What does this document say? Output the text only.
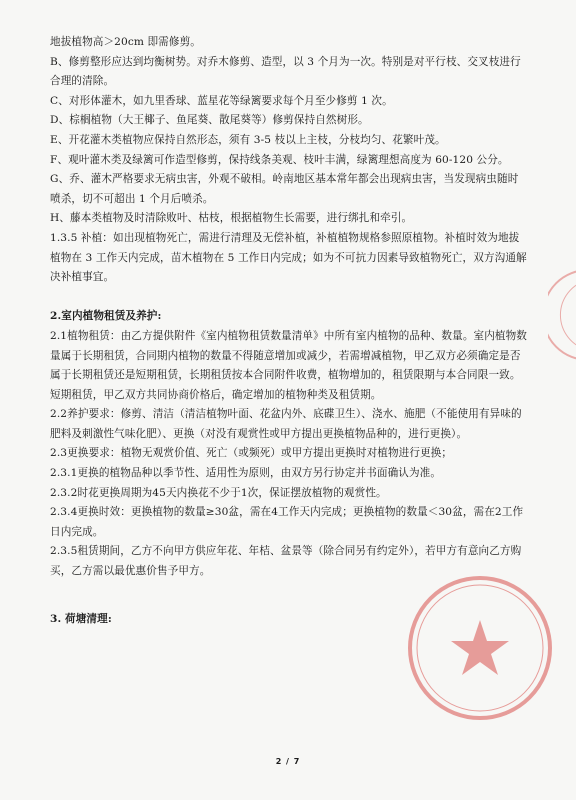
地拔植物高＞20cm 即需修剪。

B、修剪整形应达到均衡树势。对乔木修剪、造型，以 3 个月为一次。特别是对平行枝、交叉枝进行合理的清除。

C、对形体灌木，如九里香球、蓝星花等绿篱要求每个月至少修剪 1 次。

D、棕榈植物（大王椰子、鱼尾葵、散尾葵等）修剪保持自然树形。

E、开花灌木类植物应保持自然形态，须有 3-5 枝以上主枝，分枝均匀、花繁叶茂。

F、观叶灌木类及绿篱可作造型修剪，保持线条美观、枝叶丰满，绿篱理想高度为 60-120 公分。

G、乔、灌木严格要求无病虫害，外观不破相。岭南地区基本常年都会出现病虫害，当发现病虫随时喷杀，切不可超出 1 个月后喷杀。

H、藤本类植物及时清除败叶、枯枝，根据植物生长需要，进行绑扎和牵引。

1.3.5 补植：如出现植物死亡，需进行清理及无偿补植，补植植物规格参照原植物。补植时效为地拔植物在 3 工作天内完成，苗木植物在 5 工作日内完成；如为不可抗力因素导致植物死亡，双方沟通解决补植事宜。

2.室内植物租赁及养护:

2.1植物租赁：由乙方提供附件《室内植物租赁数量清单》中所有室内植物的品种、数量。室内植物数量属于长期租赁，合同期内植物的数量不得随意增加或减少，若需增减植物，甲乙双方必须确定是否属于长期租赁还是短期租赁，长期租赁按本合同附件收费，植物增加的，租赁限期与本合同限一致。短期租赁，甲乙双方共同协商价格后，确定增加的植物种类及租赁期。

2.2养护要求：修剪、清洁（清洁植物叶面、花盆内外、底碟卫生）、浇水、施肥（不能使用有异味的肥料及刺激性气味化肥）、更换（对没有观赏性或甲方提出更换植物品种的，进行更换）。

2.3更换要求：植物无观赏价值、死亡（或频死）或甲方提出更换时对植物进行更换；

2.3.1更换的植物品种以季节性、适用性为原则，由双方另行协定并书面确认为准。

2.3.2时花更换周期为45天内换花不少于1次，保证摆放植物的观赏性。

2.3.4更换时效：更换植物的数量≥30盆，需在4工作天内完成；更换植物的数量＜30盆，需在2工作日内完成。

2.3.5租赁期间，乙方不向甲方供应年花、年桔、盆景等（除合同另有约定外），若甲方有意向乙方购买，乙方需以最优惠价售予甲方。

3. 荷塘清理:

2 / 7
